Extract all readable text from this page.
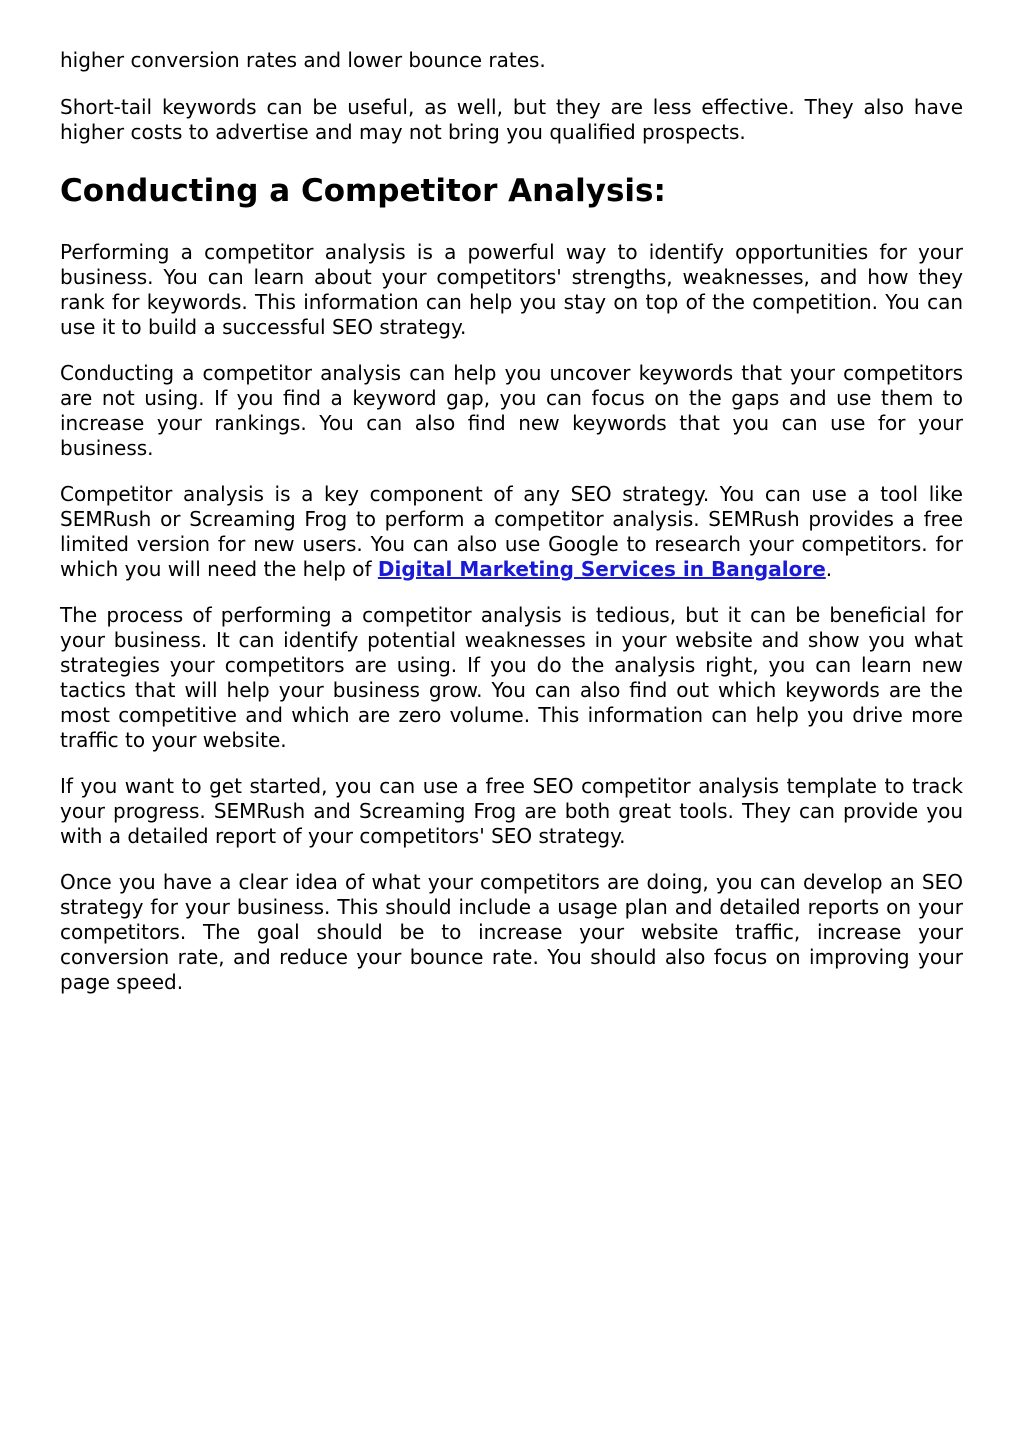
higher conversion rates and lower bounce rates.

Short-tail keywords can be useful, as well, but they are less effective. They also have higher costs to advertise and may not bring you qualified prospects.

Conducting a Competitor Analysis:

Performing a competitor analysis is a powerful way to identify opportunities for your business. You can learn about your competitors' strengths, weaknesses, and how they rank for keywords. This information can help you stay on top of the competition. You can use it to build a successful SEO strategy.

Conducting a competitor analysis can help you uncover keywords that your competitors are not using. If you find a keyword gap, you can focus on the gaps and use them to increase your rankings. You can also find new keywords that you can use for your business.

Competitor analysis is a key component of any SEO strategy. You can use a tool like SEMRush or Screaming Frog to perform a competitor analysis. SEMRush provides a free limited version for new users. You can also use Google to research your competitors. for which you will need the help of Digital Marketing Services in Bangalore.

The process of performing a competitor analysis is tedious, but it can be beneficial for your business. It can identify potential weaknesses in your website and show you what strategies your competitors are using. If you do the analysis right, you can learn new tactics that will help your business grow. You can also find out which keywords are the most competitive and which are zero volume. This information can help you drive more traffic to your website.

If you want to get started, you can use a free SEO competitor analysis template to track your progress. SEMRush and Screaming Frog are both great tools. They can provide you with a detailed report of your competitors' SEO strategy.

Once you have a clear idea of what your competitors are doing, you can develop an SEO strategy for your business. This should include a usage plan and detailed reports on your competitors. The goal should be to increase your website traffic, increase your conversion rate, and reduce your bounce rate. You should also focus on improving your page speed.
